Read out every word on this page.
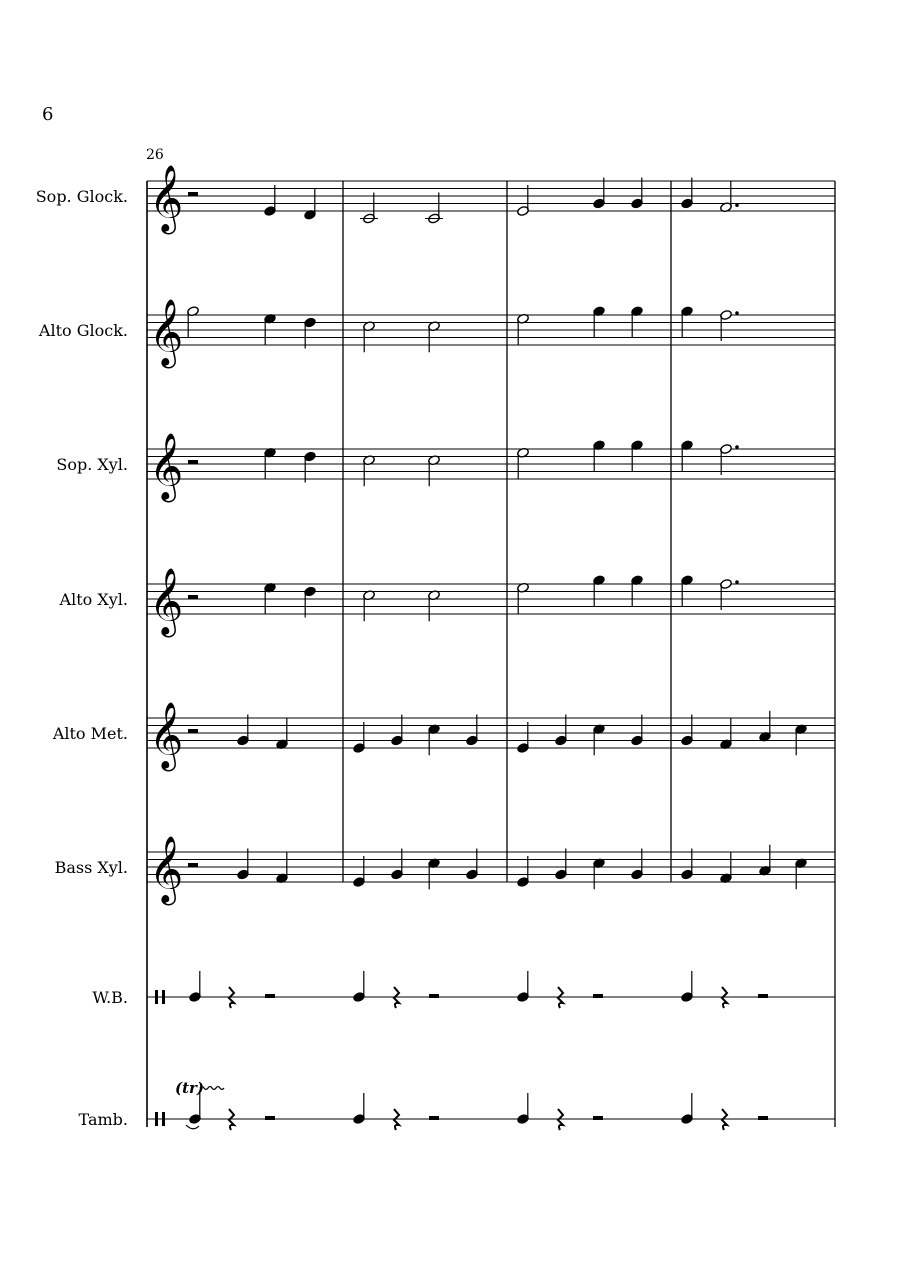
6
26
Sop. Glock. 𝄞
Alto Glock. 𝄞
Sop. Xyl. 𝄞
Alto Xyl. 𝄞
Alto Met. 𝄞
Bass Xyl. 𝄞
W.B.
Tamb.
(tr)
